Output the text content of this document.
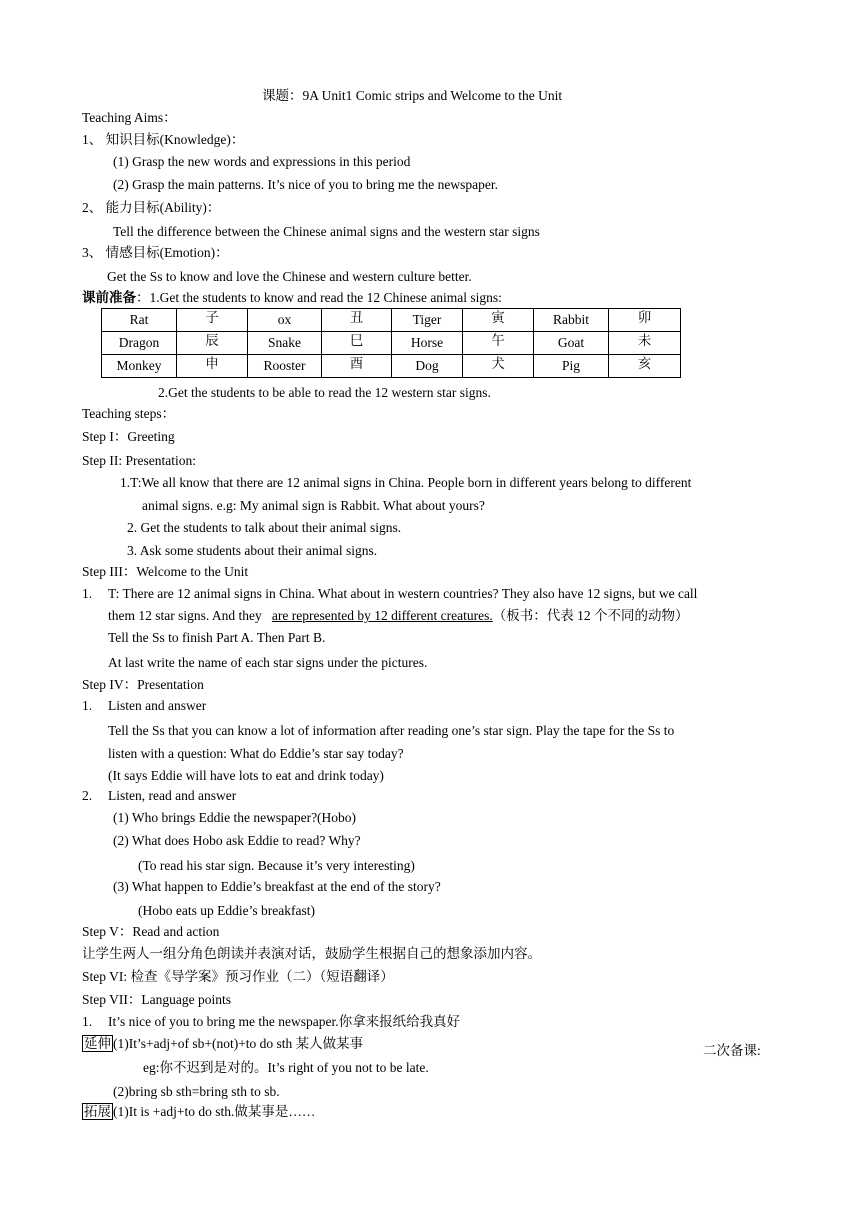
课题：9A Unit1 Comic strips and Welcome to the Unit
Teaching Aims：
1、 知识目标(Knowledge)：
(1) Grasp the new words and expressions in this period
(2) Grasp the main patterns. It’s nice of you to bring me the newspaper.
2、 能力目标(Ability)：
Tell the difference between the Chinese animal signs and the western star signs
3、 情感目标(Emotion)：
Get the Ss to know and love the Chinese and western culture better.
课前准备：1.Get the students to know and read the 12 Chinese animal signs:
Rat	子	ox	丑	Tiger	寅	Rabbit	卯
Dragon	辰	Snake	巳	Horse	午	Goat	未
Monkey	申	Rooster	酉	Dog	犬	Pig	亥
2.Get the students to be able to read the 12 western star signs.
Teaching steps：
Step I：Greeting
Step II: Presentation:
1.T:We all know that there are 12 animal signs in China. People born in different years belong to different
animal signs. e.g: My animal sign is Rabbit. What about yours?
2. Get the students to talk about their animal signs.
3. Ask some students about their animal signs.
Step III：Welcome to the Unit
1. T: There are 12 animal signs in China. What about in western countries? They also have 12 signs, but we call
them 12 star signs. And they are represented by 12 different creatures.（板书：代表 12 个不同的动物）
Tell the Ss to finish Part A. Then Part B.
At last write the name of each star signs under the pictures.
Step IV：Presentation
1. Listen and answer
Tell the Ss that you can know a lot of information after reading one’s star sign. Play the tape for the Ss to
listen with a question: What do Eddie’s star say today?
(It says Eddie will have lots to eat and drink today)
2. Listen, read and answer
(1) Who brings Eddie the newspaper?(Hobo)
(2) What does Hobo ask Eddie to read? Why?
(To read his star sign. Because it’s very interesting)
(3) What happen to Eddie’s breakfast at the end of the story?
(Hobo eats up Eddie’s breakfast)
Step V：Read and action
让学生两人一组分角色朗读并表演对话，鼓励学生根据自己的想象添加内容。
Step VI: 检查《导学案》预习作业（二）（短语翻译）
Step VII：Language points
1. It’s nice of you to bring me the newspaper.你拿来报纸给我真好
延伸 (1)It’s+adj+of sb+(not)+to do sth 某人做某事	二次备课:
eg:你不迟到是对的。It’s right of you not to be late.
(2)bring sb sth=bring sth to sb.
拓展 (1)It is +adj+to do sth.做某事是……
